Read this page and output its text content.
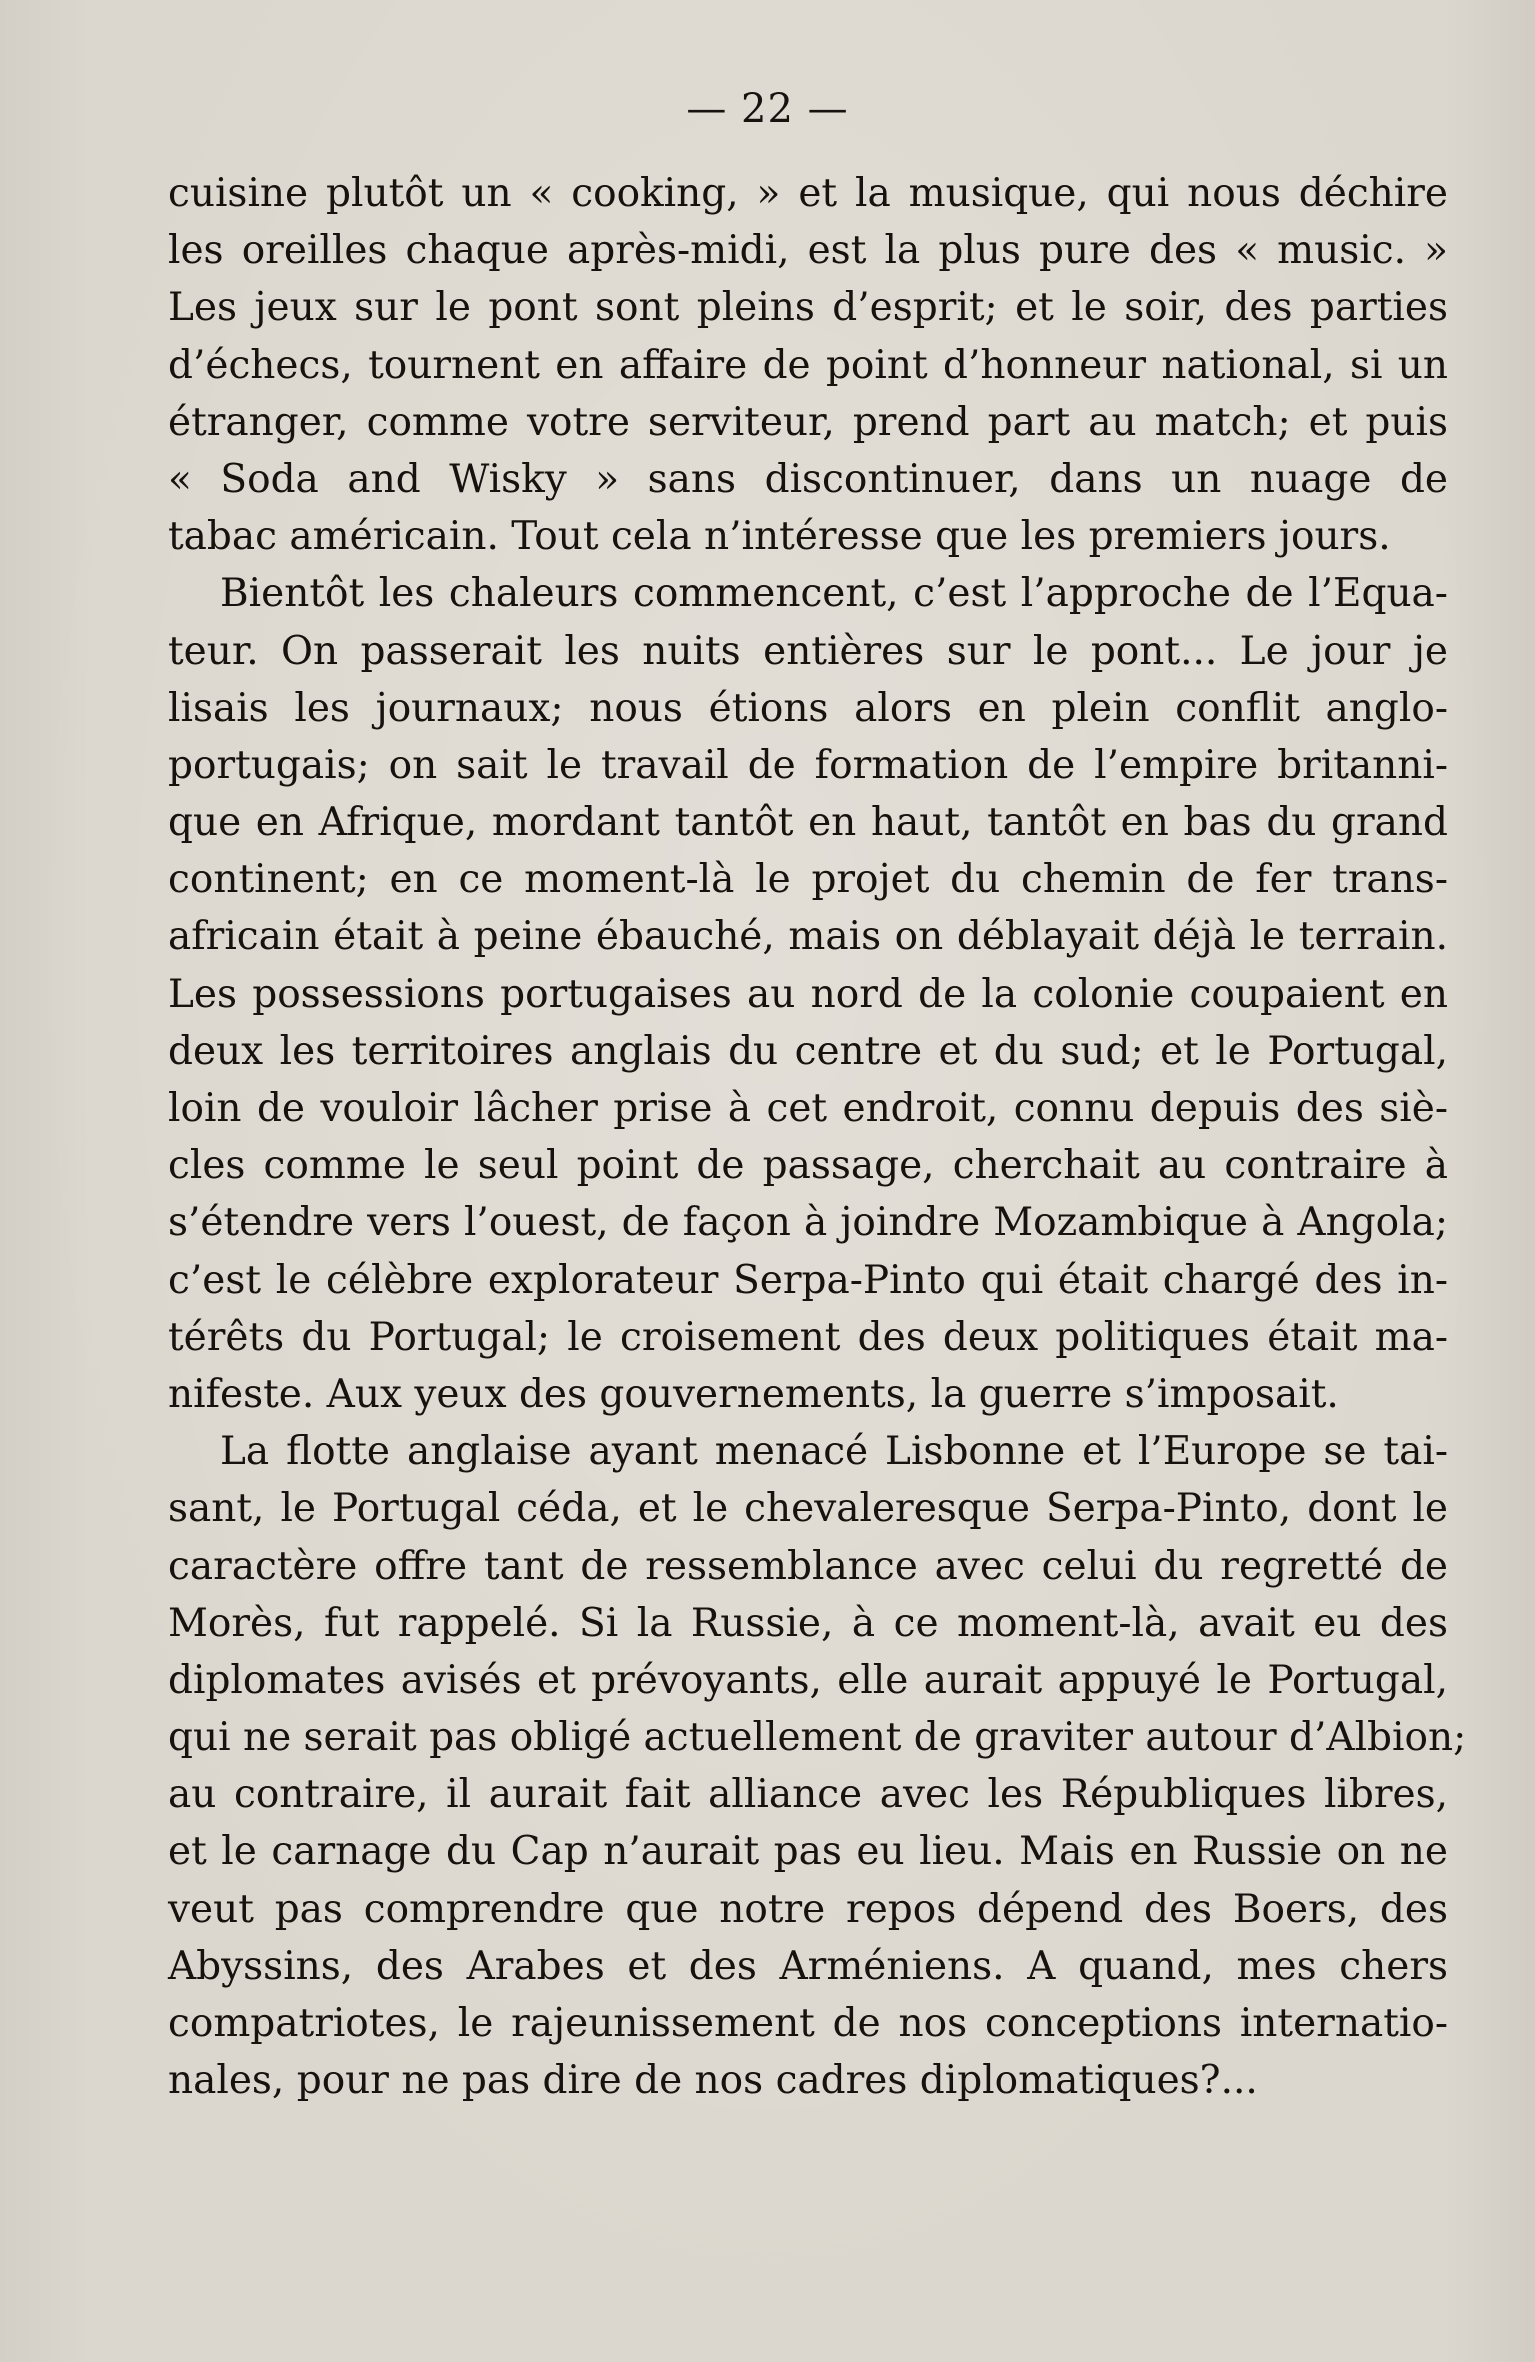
— 22 —
cuisine plutôt un « cooking, » et la musique, qui nous déchire
les oreilles chaque après-midi, est la plus pure des « music. »
Les jeux sur le pont sont pleins d’esprit; et le soir, des parties
d’échecs, tournent en affaire de point d’honneur national, si un
étranger, comme votre serviteur, prend part au match; et puis
« Soda and Wisky » sans discontinuer, dans un nuage de
tabac américain. Tout cela n’intéresse que les premiers jours.
Bientôt les chaleurs commencent, c’est l’approche de l’Equa-
teur. On passerait les nuits entières sur le pont... Le jour je
lisais les journaux; nous étions alors en plein conflit anglo-
portugais; on sait le travail de formation de l’empire britanni-
que en Afrique, mordant tantôt en haut, tantôt en bas du grand
continent; en ce moment-là le projet du chemin de fer trans-
africain était à peine ébauché, mais on déblayait déjà le terrain.
Les possessions portugaises au nord de la colonie coupaient en
deux les territoires anglais du centre et du sud; et le Portugal,
loin de vouloir lâcher prise à cet endroit, connu depuis des siè-
cles comme le seul point de passage, cherchait au contraire à
s’étendre vers l’ouest, de façon à joindre Mozambique à Angola;
c’est le célèbre explorateur Serpa-Pinto qui était chargé des in-
térêts du Portugal; le croisement des deux politiques était ma-
nifeste. Aux yeux des gouvernements, la guerre s’imposait.
La flotte anglaise ayant menacé Lisbonne et l’Europe se tai-
sant, le Portugal céda, et le chevaleresque Serpa-Pinto, dont le
caractère offre tant de ressemblance avec celui du regretté de
Morès, fut rappelé. Si la Russie, à ce moment-là, avait eu des
diplomates avisés et prévoyants, elle aurait appuyé le Portugal,
qui ne serait pas obligé actuellement de graviter autour d’Albion;
au contraire, il aurait fait alliance avec les Républiques libres,
et le carnage du Cap n’aurait pas eu lieu. Mais en Russie on ne
veut pas comprendre que notre repos dépend des Boers, des
Abyssins, des Arabes et des Arméniens. A quand, mes chers
compatriotes, le rajeunissement de nos conceptions internatio-
nales, pour ne pas dire de nos cadres diplomatiques?...
